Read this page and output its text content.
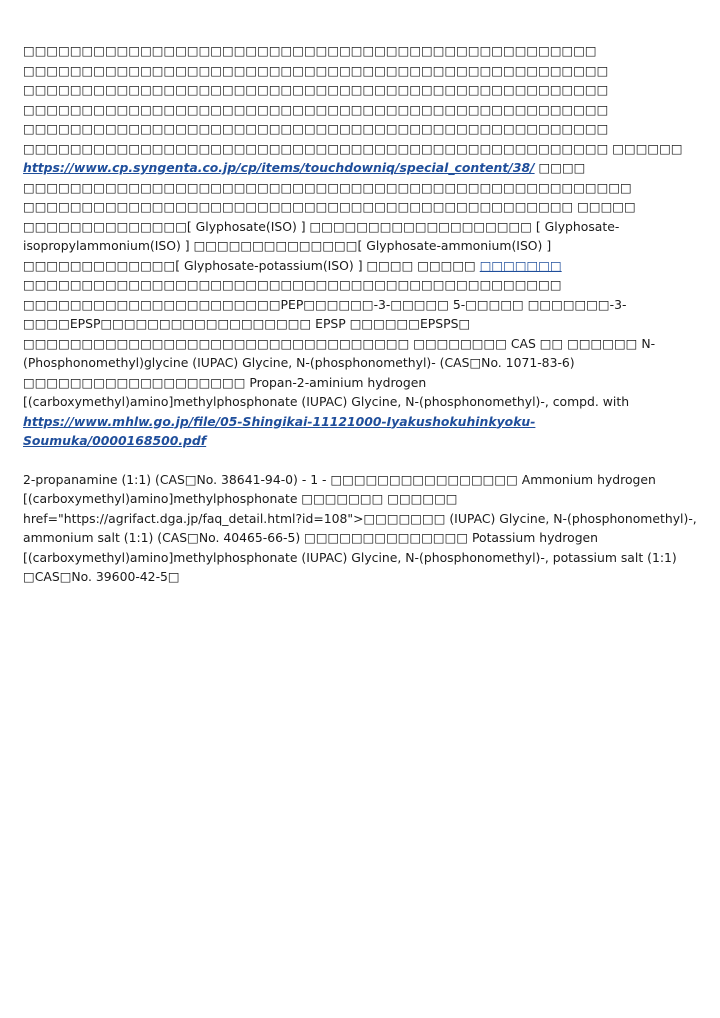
□□□□□□□□□□□□□□□□□□□□□□□□□□□□□□□□□□□□□□□□□□□□□□□□□

□□□□□□□□□□□□□□□□□□□□□□□□□□□□□□□□□□□□□□□□□□□□□□□□□□

□□□□□□□□□□□□□□□□□□□□□□□□□□□□□□□□□□□□□□□□□□□□□□□□□□

□□□□□□□□□□□□□□□□□□□□□□□□□□□□□□□□□□□□□□□□□□□□□□□□□□

□□□□□□□□□□□□□□□□□□□□□□□□□□□□□□□□□□□□□□□□□□□□□□□□□□

□□□□□□□□□□□□□□□□□□□□□□□□□□□□□□□□□□□□□□□□□□□□□□□□□□ □□□□□□

https://www.cp.syngenta.co.jp/cp/items/touchdowniq/special_content/38/ □□□□ □□□□□□□□□□□□□□□□□□□□□□□□□□□□□□□□□□□□□□□□□□□□□□□□□□□□ □□□□□□□□□□□□□□□□□□□□□□□□□□□□□□□□□□□□□□□□□□□□□□□ □□□□□ □□□□□□□□□□□□□□[ Glyphosate(ISO) ] □□□□□□□□□□□□□□□□□□□ [ Glyphosate-isopropylammonium(ISO) ] □□□□□□□□□□□□□□[ Glyphosate-ammonium(ISO) ] □□□□□□□□□□□□□[ Glyphosate-potassium(ISO) ] □□□□ □□□□□ □□□□□□□ □□□□□□□□□□□□□□□□□□□□□□□□□□□□□□□□□□□□□□□□□□□□□□ □□□□□□□□□□□□□□□□□□□□□□PEP□□□□□□-3-□□□□□ 5-□□□□□ □□□□□□□-3-□□□□EPSP□□□□□□□□□□□□□□□□□□ EPSP □□□□□□EPSPS□ □□□□□□□□□□□□□□□□□□□□□□□□□□□□□□□□□ □□□□□□□□ CAS □□ □□□□□□ N-(Phosphonomethyl)glycine (IUPAC) Glycine, N-(phosphonomethyl)- (CAS□No. 1071-83-6) □□□□□□□□□□□□□□□□□□□ Propan-2-aminium hydrogen [(carboxymethyl)amino]methylphosphonate (IUPAC) Glycine, N-(phosphonomethyl)-, compd. with https://www.mhlw.go.jp/file/05-Shingikai-11121000-Iyakushokuhinkyoku-Soumuka/0000168500.pdf

2-propanamine (1:1) (CAS□No. 38641-94-0) - 1 - □□□□□□□□□□□□□□□□ Ammonium hydrogen [(carboxymethyl)amino]methylphosphonate □□□□□□□ □□□□□□ href="https://agrifact.dga.jp/faq_detail.html?id=108">□□□□□□□ (IUPAC) Glycine, N-(phosphonomethyl)-, ammonium salt (1:1) (CAS□No. 40465-66-5) □□□□□□□□□□□□□□ Potassium hydrogen [(carboxymethyl)amino]methylphosphonate (IUPAC) Glycine, N-(phosphonomethyl)-, potassium salt (1:1) □CAS□No. 39600-42-5□
